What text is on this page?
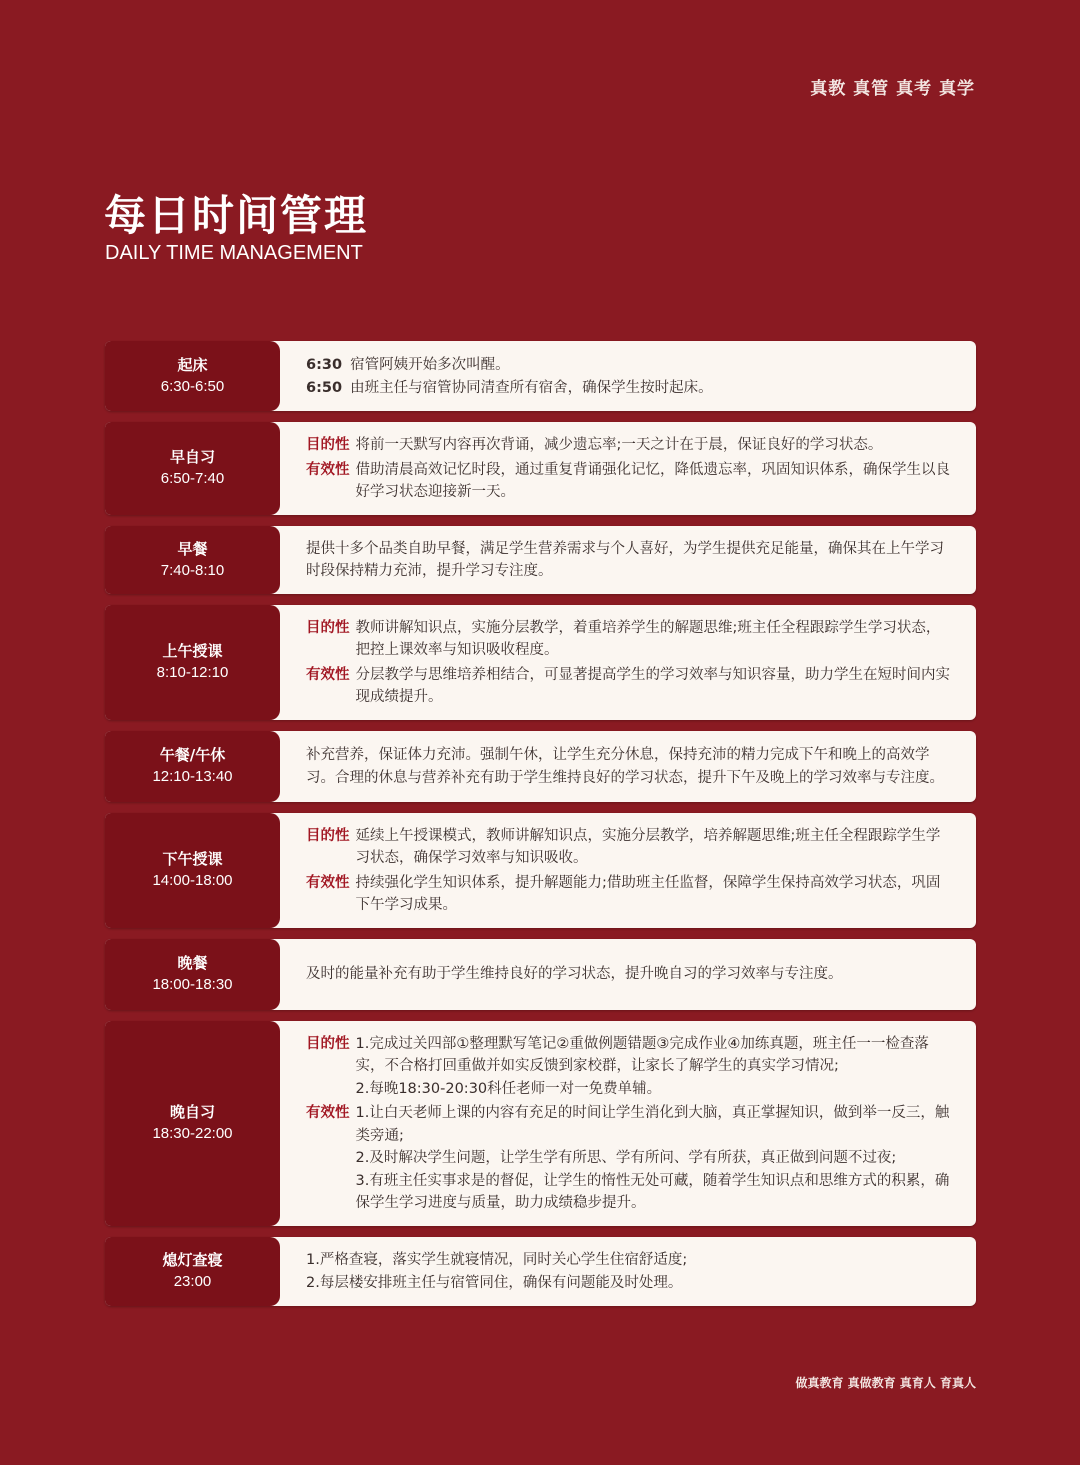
真教 真管 真考 真学
每日时间管理
DAILY TIME MANAGEMENT
起床
6:30-6:50
6:30 宿管阿姨开始多次叫醒。
6:50 由班主任与宿管协同清查所有宿舍，确保学生按时起床。
早自习
6:50-7:40
目的性 将前一天默写内容再次背诵，减少遗忘率;一天之计在于晨，保证良好的学习状态。
有效性 借助清晨高效记忆时段，通过重复背诵强化记忆，降低遗忘率，巩固知识体系，确保学生以良好学习状态迎接新一天。
早餐
7:40-8:10
提供十多个品类自助早餐，满足学生营养需求与个人喜好，为学生提供充足能量，确保其在上午学习时段保持精力充沛，提升学习专注度。
上午授课
8:10-12:10
目的性 教师讲解知识点，实施分层教学，着重培养学生的解题思维;班主任全程跟踪学生学习状态，把控上课效率与知识吸收程度。
有效性 分层教学与思维培养相结合，可显著提高学生的学习效率与知识容量，助力学生在短时间内实现成绩提升。
午餐/午休
12:10-13:40
补充营养，保证体力充沛。强制午休，让学生充分休息，保持充沛的精力完成下午和晚上的高效学习。合理的休息与营养补充有助于学生维持良好的学习状态，提升下午及晚上的学习效率与专注度。
下午授课
14:00-18:00
目的性 延续上午授课模式，教师讲解知识点，实施分层教学，培养解题思维;班主任全程跟踪学生学习状态，确保学习效率与知识吸收。
有效性 持续强化学生知识体系，提升解题能力;借助班主任监督，保障学生保持高效学习状态，巩固下午学习成果。
晚餐
18:00-18:30
及时的能量补充有助于学生维持良好的学习状态，提升晚自习的学习效率与专注度。
晚自习
18:30-22:00
目的性 1.完成过关四部①整理默写笔记②重做例题错题③完成作业④加练真题，班主任一一检查落实，不合格打回重做并如实反馈到家校群，让家长了解学生的真实学习情况;
2.每晚18:30-20:30科任老师一对一免费单辅。
有效性 1.让白天老师上课的内容有充足的时间让学生消化到大脑，真正掌握知识，做到举一反三，触类旁通;
2.及时解决学生问题，让学生学有所思、学有所问、学有所获，真正做到问题不过夜;
3.有班主任实事求是的督促，让学生的惰性无处可藏，随着学生知识点和思维方式的积累，确保学生学习进度与质量，助力成绩稳步提升。
熄灯查寝
23:00
1.严格查寝，落实学生就寝情况，同时关心学生住宿舒适度;
2.每层楼安排班主任与宿管同住，确保有问题能及时处理。
做真教育 真做教育 真育人 育真人
